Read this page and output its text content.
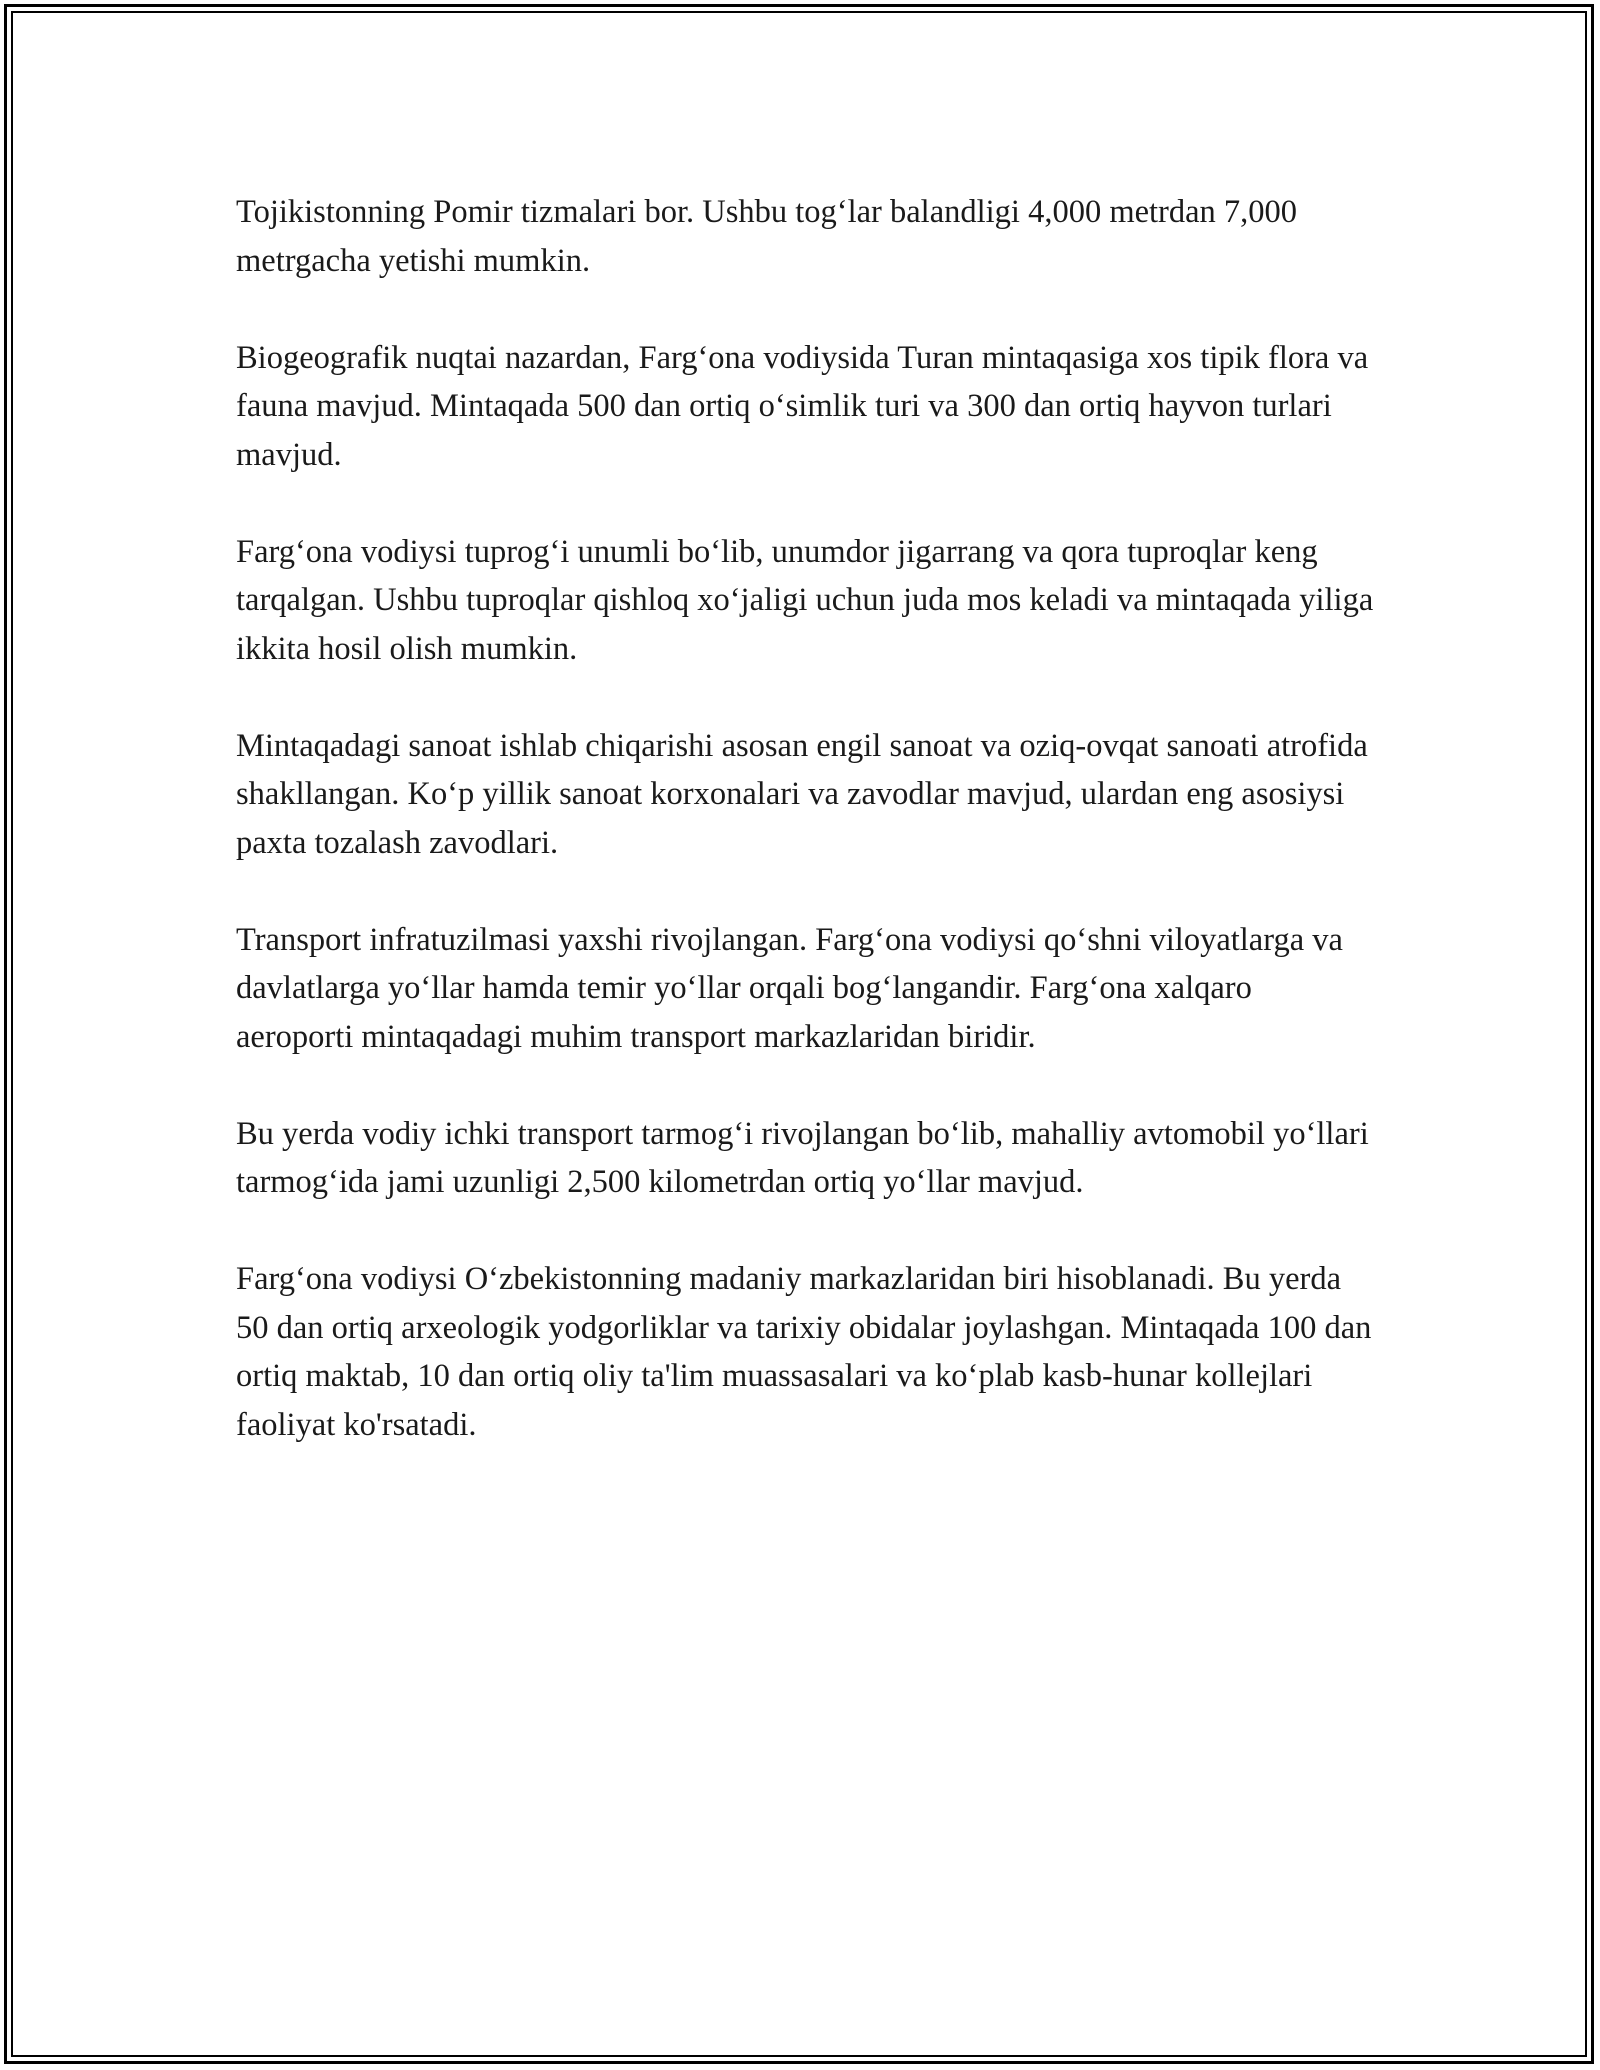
Tojikistonning Pomir tizmalari bor. Ushbu tog‘lar balandligi 4,000 metrdan 7,000 metrgacha yetishi mumkin.

Biogeografik nuqtai nazardan, Farg‘ona vodiysida Turan mintaqasiga xos tipik flora va fauna mavjud. Mintaqada 500 dan ortiq o‘simlik turi va 300 dan ortiq hayvon turlari mavjud.

Farg‘ona vodiysi tuprog‘i unumli bo‘lib, unumdor jigarrang va qora tuproqlar keng tarqalgan. Ushbu tuproqlar qishloq xo‘jaligi uchun juda mos keladi va mintaqada yiliga ikkita hosil olish mumkin.

Mintaqadagi sanoat ishlab chiqarishi asosan engil sanoat va oziq-ovqat sanoati atrofida shakllangan. Ko‘p yillik sanoat korxonalari va zavodlar mavjud, ulardan eng asosiysi paxta tozalash zavodlari.

Transport infratuzilmasi yaxshi rivojlangan. Farg‘ona vodiysi qo‘shni viloyatlarga va davlatlarga yo‘llar hamda temir yo‘llar orqali bog‘langandir. Farg‘ona xalqaro aeroporti mintaqadagi muhim transport markazlaridan biridir.

Bu yerda vodiy ichki transport tarmog‘i rivojlangan bo‘lib, mahalliy avtomobil yo‘llari tarmog‘ida jami uzunligi 2,500 kilometrdan ortiq yo‘llar mavjud.

Farg‘ona vodiysi O‘zbekistonning madaniy markazlaridan biri hisoblanadi. Bu yerda 50 dan ortiq arxeologik yodgorliklar va tarixiy obidalar joylashgan. Mintaqada 100 dan ortiq maktab, 10 dan ortiq oliy ta'lim muassasalari va ko‘plab kasb-hunar kollejlari faoliyat ko'rsatadi.
